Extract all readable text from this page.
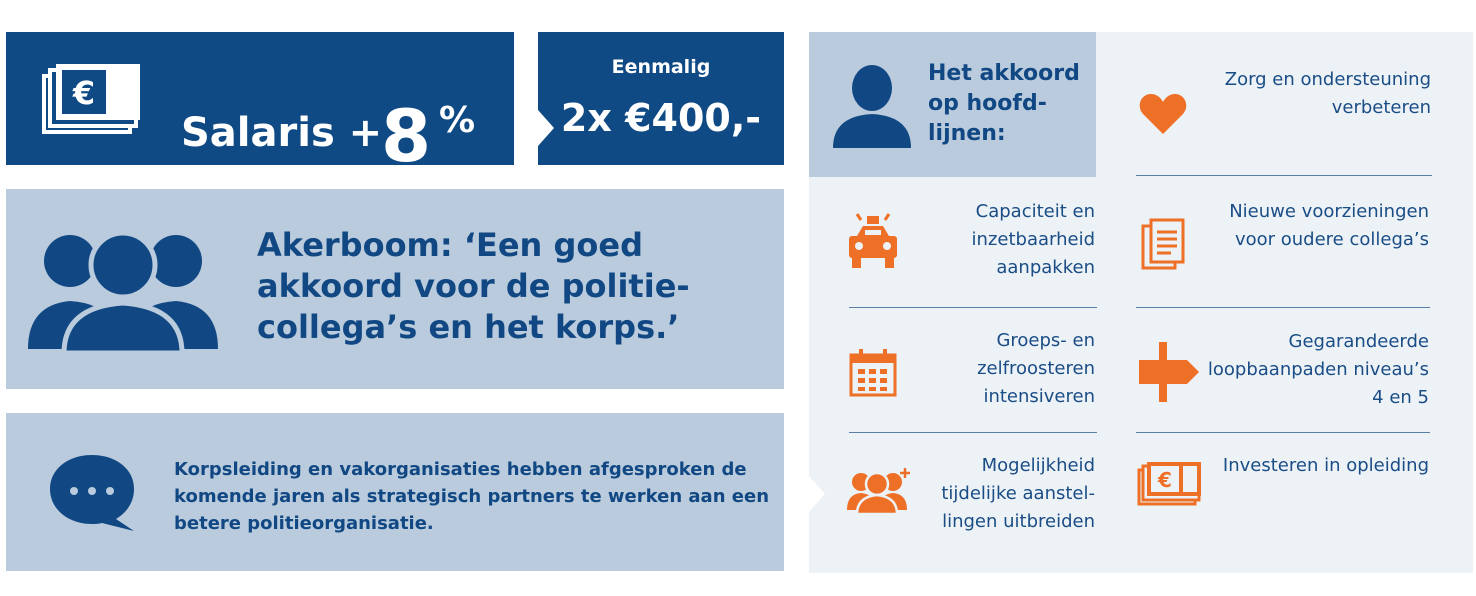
€
Salaris +
8 %
Eenmalig
2x €400,-
Akerboom: ‘Een goed akkoord voor de politie-collega’s en het korps.’
Korpsleiding en vakorganisaties hebben afgesproken de komende jaren als strategisch partners te werken aan een betere politieorganisatie.
Het akkoord op hoofd-lijnen:
Zorg en ondersteuning verbeteren
Capaciteit en inzetbaarheid aanpakken
Nieuwe voorzieningen voor oudere collega’s
Groeps- en zelfroosteren intensiveren
Gegarandeerde loopbaanpaden niveau’s 4 en 5
Mogelijkheid tijdelijke aanstel-lingen uitbreiden
€
Investeren in opleiding
